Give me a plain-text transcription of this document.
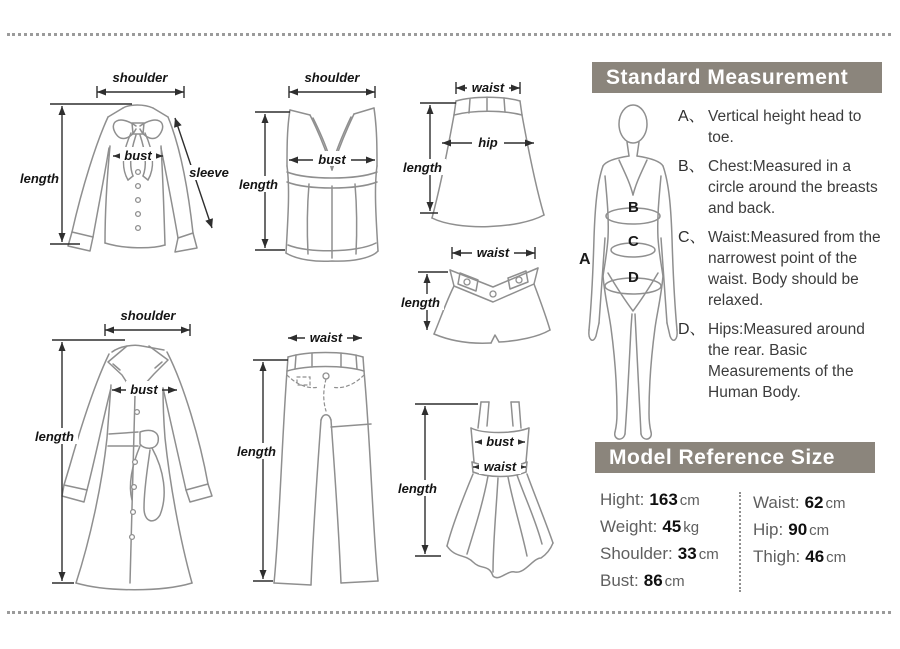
shoulder
length
bust
sleeve
shoulder
length
bust
waist
hip
length
waist
length
shoulder
length
bust
waist
length
bust
waist
length
A
B
C
D
Standard Measurement
A、 Vertical height head to toe.
B、 Chest:Measured in a circle around the breasts and back.
C、 Waist:Measured from the narrowest point of the waist. Body should be relaxed.
D、 Hips:Measured around the rear. Basic Measurements of the Human Body.
Model Reference Size
Hight: 163 cm
Weight: 45 kg
Shoulder: 33 cm
Bust: 86 cm
Waist: 62 cm
Hip: 90 cm
Thigh: 46 cm
